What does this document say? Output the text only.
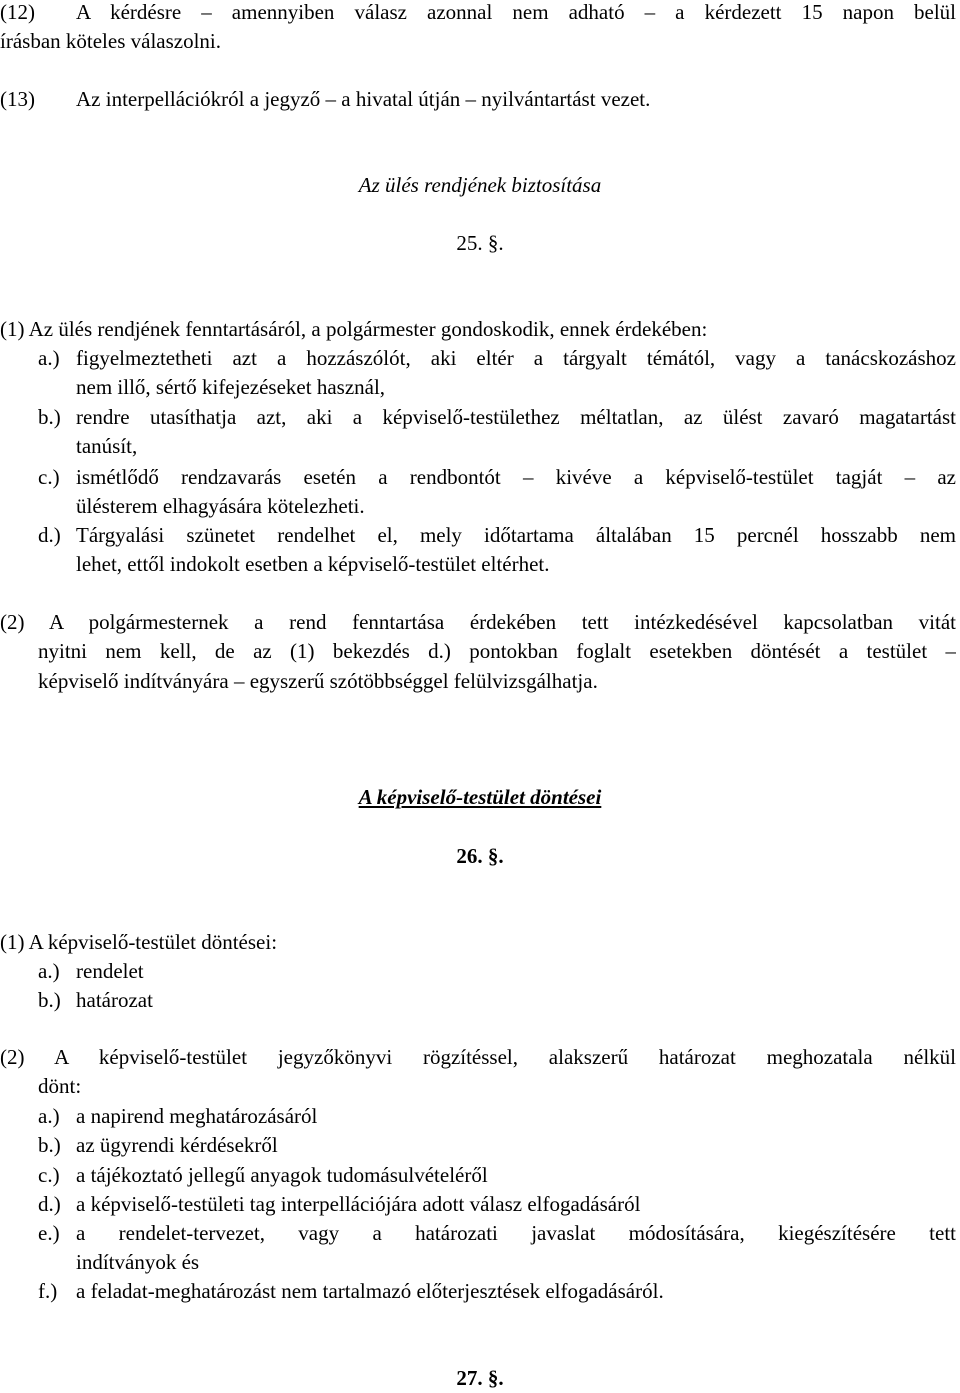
(12) A kérdésre – amennyiben válasz azonnal nem adható – a kérdezett 15 napon belül
írásban köteles válaszolni.
(13) Az interpellációkról a jegyző – a hivatal útján – nyilvántartást vezet.
Az ülés rendjének biztosítása
25. §.
(1) Az ülés rendjének fenntartásáról, a polgármester gondoskodik, ennek érdekében:
a.) figyelmeztetheti azt a hozzászólót, aki eltér a tárgyalt témától, vagy a tanácskozáshoz
nem illő, sértő kifejezéseket használ,
b.) rendre utasíthatja azt, aki a képviselő-testülethez méltatlan, az ülést zavaró magatartást
tanúsít,
c.) ismétlődő rendzavarás esetén a rendbontót – kivéve a képviselő-testület tagját – az
ülésterem elhagyására kötelezheti.
d.) Tárgyalási szünetet rendelhet el, mely időtartama általában 15 percnél hosszabb nem
lehet, ettől indokolt esetben a képviselő-testület eltérhet.
(2) A polgármesternek a rend fenntartása érdekében tett intézkedésével kapcsolatban vitát
nyitni nem kell, de az (1) bekezdés d.) pontokban foglalt esetekben döntését a testület –
képviselő indítványára – egyszerű szótöbbséggel felülvizsgálhatja.
A képviselő-testület döntései
26. §.
(1) A képviselő-testület döntései:
a.) rendelet
b.) határozat
(2) A képviselő-testület jegyzőkönyvi rögzítéssel, alakszerű határozat meghozatala nélkül
dönt:
a.) a napirend meghatározásáról
b.) az ügyrendi kérdésekről
c.) a tájékoztató jellegű anyagok tudomásulvételéről
d.) a képviselő-testületi tag interpellációjára adott válasz elfogadásáról
e.) a rendelet-tervezet, vagy a határozati javaslat módosítására, kiegészítésére tett
indítványok és
f.) a feladat-meghatározást nem tartalmazó előterjesztések elfogadásáról.
27. §.
